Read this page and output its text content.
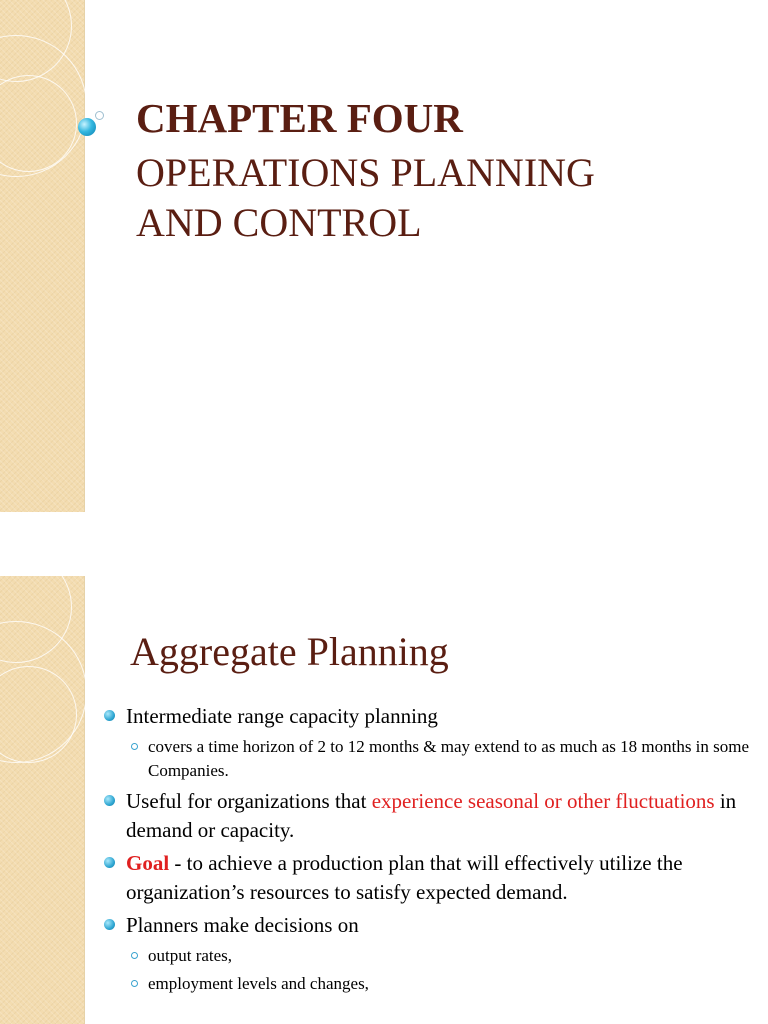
CHAPTER FOUR
OPERATIONS PLANNING
AND CONTROL
Aggregate Planning
Intermediate range capacity planning
covers a time horizon of 2 to 12 months & may extend to as much as 18 months in some Companies.
Useful for organizations that experience seasonal or other fluctuations in demand or capacity.
Goal - to achieve a production plan that will effectively utilize the organization’s resources to satisfy expected demand.
Planners make decisions on
output rates,
employment levels and changes,
